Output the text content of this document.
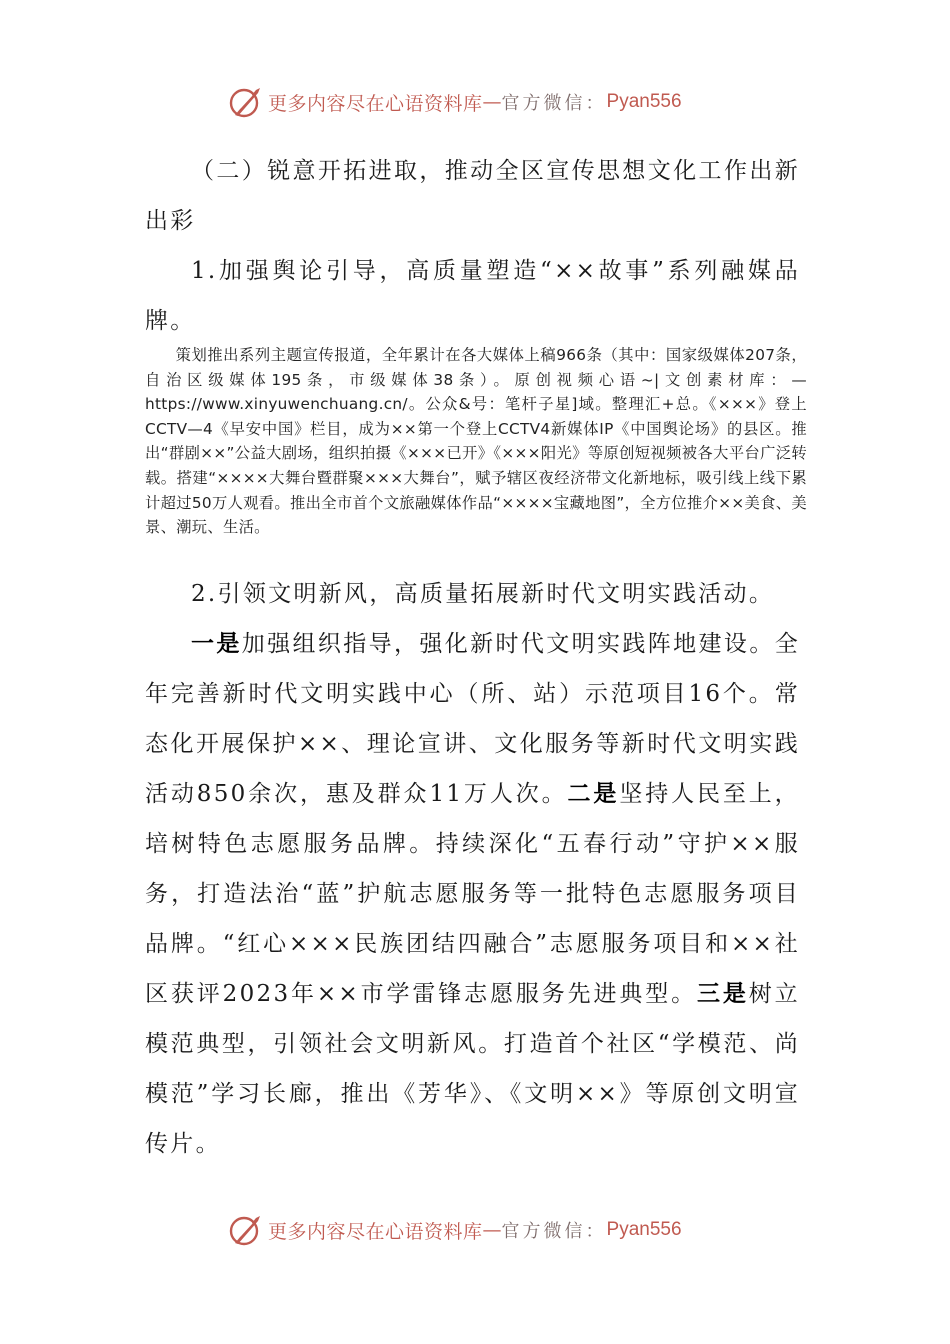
更多内容尽在心语资料库 — 官方微信： Pyan556

（二）锐意开拓进取，推动全区宣传思想文化工作出新出彩

1.加强舆论引导，高质量塑造“××故事”系列融媒品牌。

策划推出系列主题宣传报道，全年累计在各大媒体上稿966条（其中：国家级媒体207条，自治区级媒体195条，市级媒体38条）。原创视频心语~|文创素材库：—https://www.xinyuwenchuang.cn/。公众&号：笔杆子星]域。整理汇+总。《×××》登上CCTV—4《早安中国》栏目，成为××第一个登上CCTV4新媒体IP《中国舆论场》的县区。推出“群剧××”公益大剧场，组织拍摄《×××已开》《×××阳光》等原创短视频被各大平台广泛转载。搭建“××××大舞台暨群聚×××大舞台”，赋予辖区夜经济带文化新地标，吸引线上线下累计超过50万人观看。推出全市首个文旅融媒体作品“××××宝藏地图”，全方位推介××美食、美景、潮玩、生活。

2.引领文明新风，高质量拓展新时代文明实践活动。

一是加强组织指导，强化新时代文明实践阵地建设。全年完善新时代文明实践中心（所、站）示范项目16个。常态化开展保护××、理论宣讲、文化服务等新时代文明实践活动850余次，惠及群众11万人次。二是坚持人民至上，培树特色志愿服务品牌。持续深化“五春行动”守护××服务，打造法治“蓝”护航志愿服务等一批特色志愿服务项目品牌。“红心×××民族团结四融合”志愿服务项目和××社区获评2023年××市学雷锋志愿服务先进典型。三是树立模范典型，引领社会文明新风。打造首个社区“学模范、尚模范”学习长廊，推出《芳华》、《文明××》等原创文明宣传片。

更多内容尽在心语资料库 — 官方微信： Pyan556
